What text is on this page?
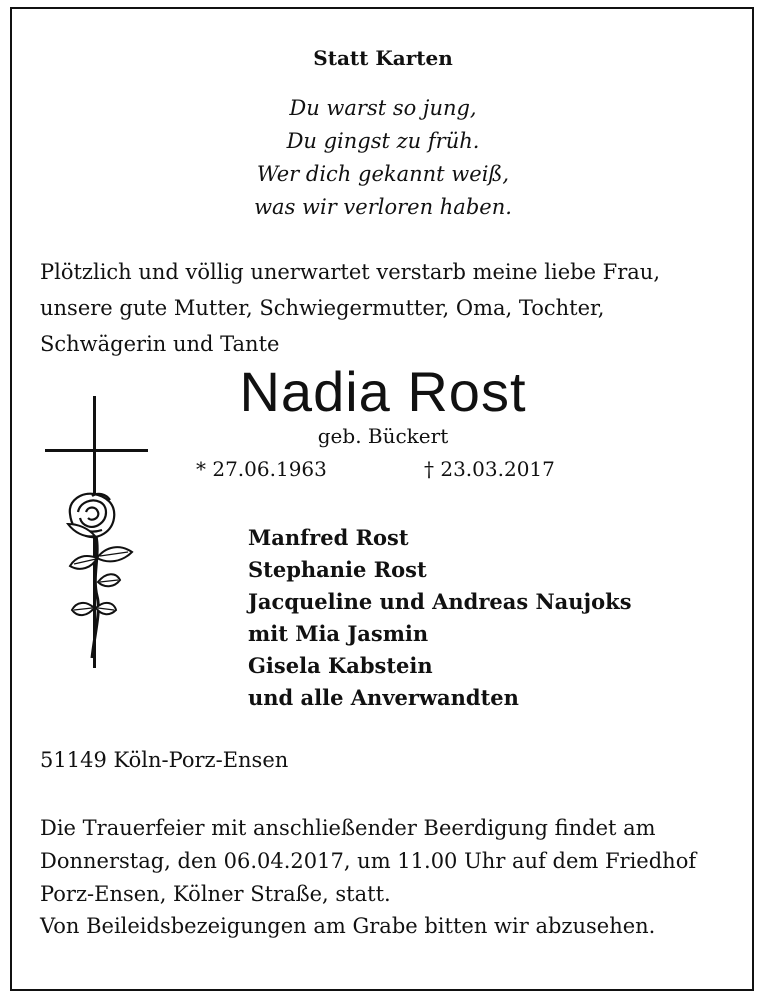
Statt Karten
Du warst so jung,
Du gingst zu früh.
Wer dich gekannt weiß,
was wir verloren haben.
Plötzlich und völlig unerwartet verstarb meine liebe Frau,
unsere gute Mutter, Schwiegermutter, Oma, Tochter,
Schwägerin und Tante
Nadia Rost
geb. Bückert
* 27.06.1963	† 23.03.2017
Manfred Rost
Stephanie Rost
Jacqueline und Andreas Naujoks
mit Mia Jasmin
Gisela Kabstein
und alle Anverwandten
51149 Köln-Porz-Ensen
Die Trauerfeier mit anschließender Beerdigung findet am
Donnerstag, den 06.04.2017, um 11.00 Uhr auf dem Friedhof
Porz-Ensen, Kölner Straße, statt.
Von Beileidsbezeigungen am Grabe bitten wir abzusehen.
